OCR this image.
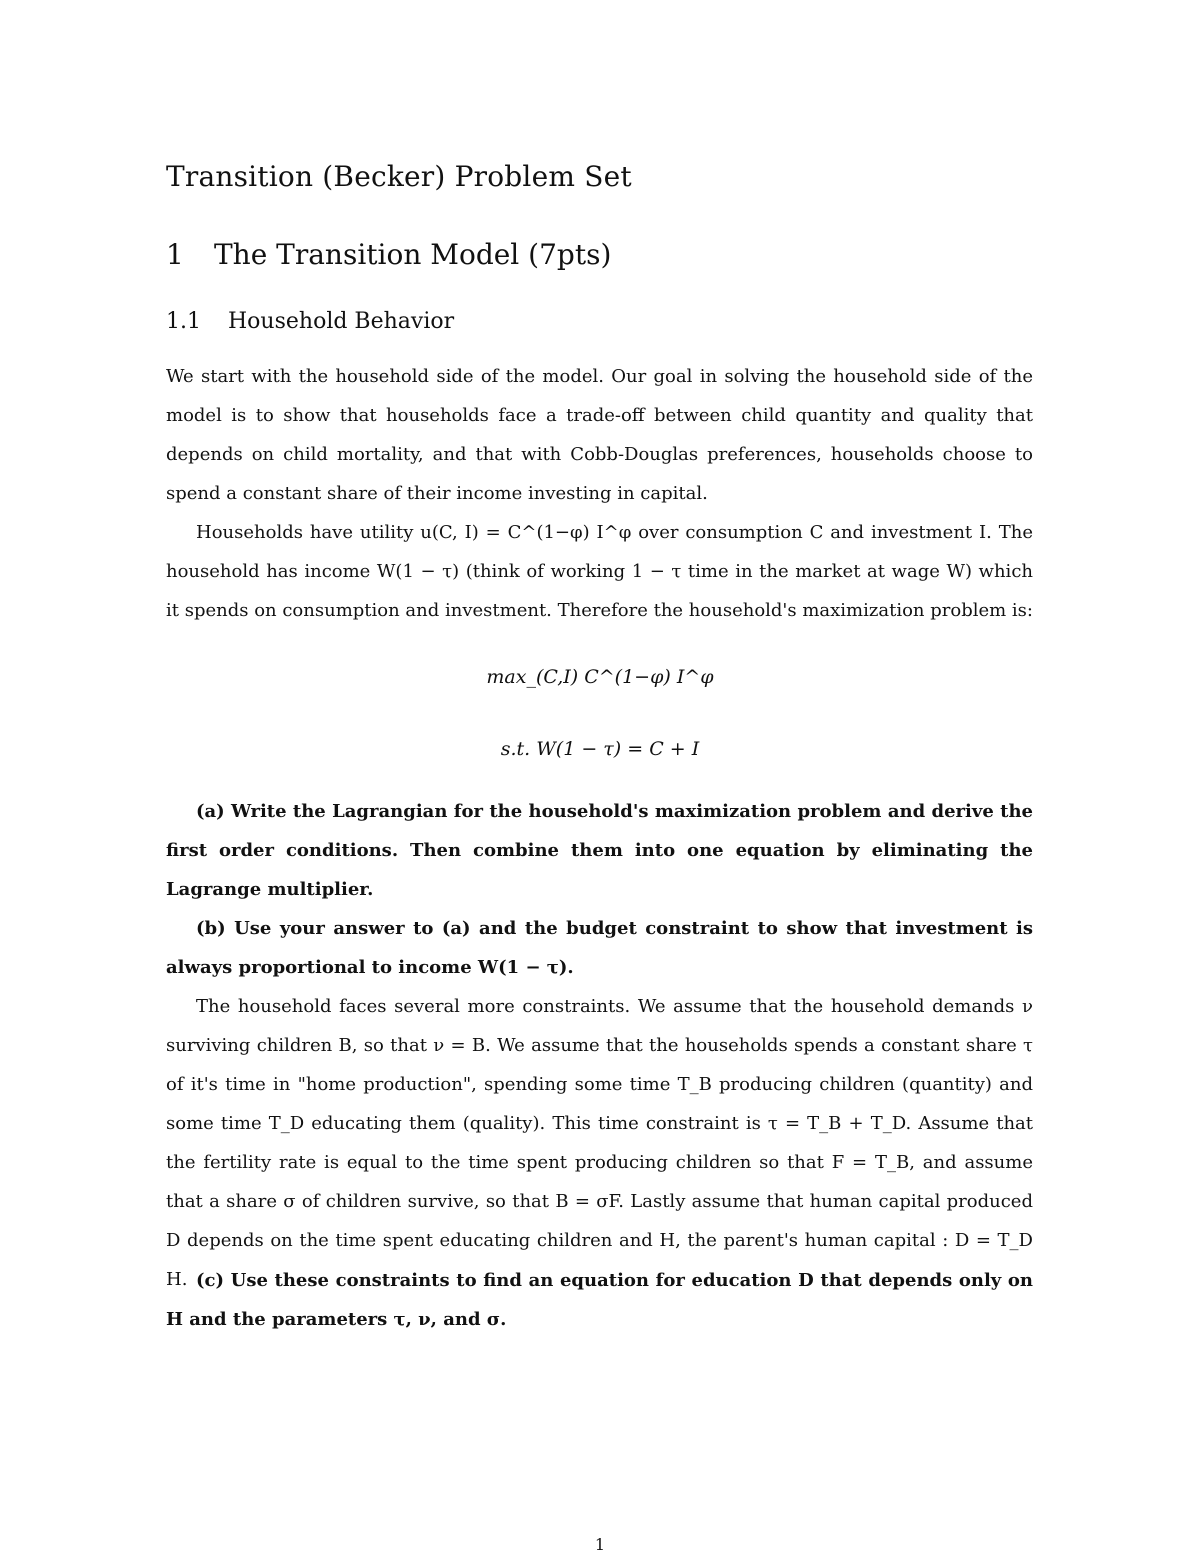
Transition (Becker) Problem Set
1 The Transition Model (7pts)
1.1 Household Behavior

We start with the household side of the model. Our goal in solving the household side of the model is to show that households face a trade-off between child quantity and quality that depends on child mortality, and that with Cobb-Douglas preferences, households choose to spend a constant share of their income investing in capital.

Households have utility u(C, I) = C^(1−φ) I^φ over consumption C and investment I. The household has income W(1 − τ) (think of working 1 − τ time in the market at wage W) which it spends on consumption and investment. Therefore the household's maximization problem is:

max_(C,I) C^(1−φ) I^φ
s.t. W(1 − τ) = C + I

(a) Write the Lagrangian for the household's maximization problem and derive the first order conditions. Then combine them into one equation by eliminating the Lagrange multiplier.

(b) Use your answer to (a) and the budget constraint to show that investment is always proportional to income W(1 − τ).

The household faces several more constraints. We assume that the household demands ν surviving children B, so that ν = B. We assume that the households spends a constant share τ of it's time in "home production", spending some time T_B producing children (quantity) and some time T_D educating them (quality). This time constraint is τ = T_B + T_D. Assume that the fertility rate is equal to the time spent producing children so that F = T_B, and assume that a share σ of children survive, so that B = σF. Lastly assume that human capital produced D depends on the time spent educating children and H, the parent's human capital : D = T_D H. (c) Use these constraints to find an equation for education D that depends only on H and the parameters τ, ν, and σ.

1
